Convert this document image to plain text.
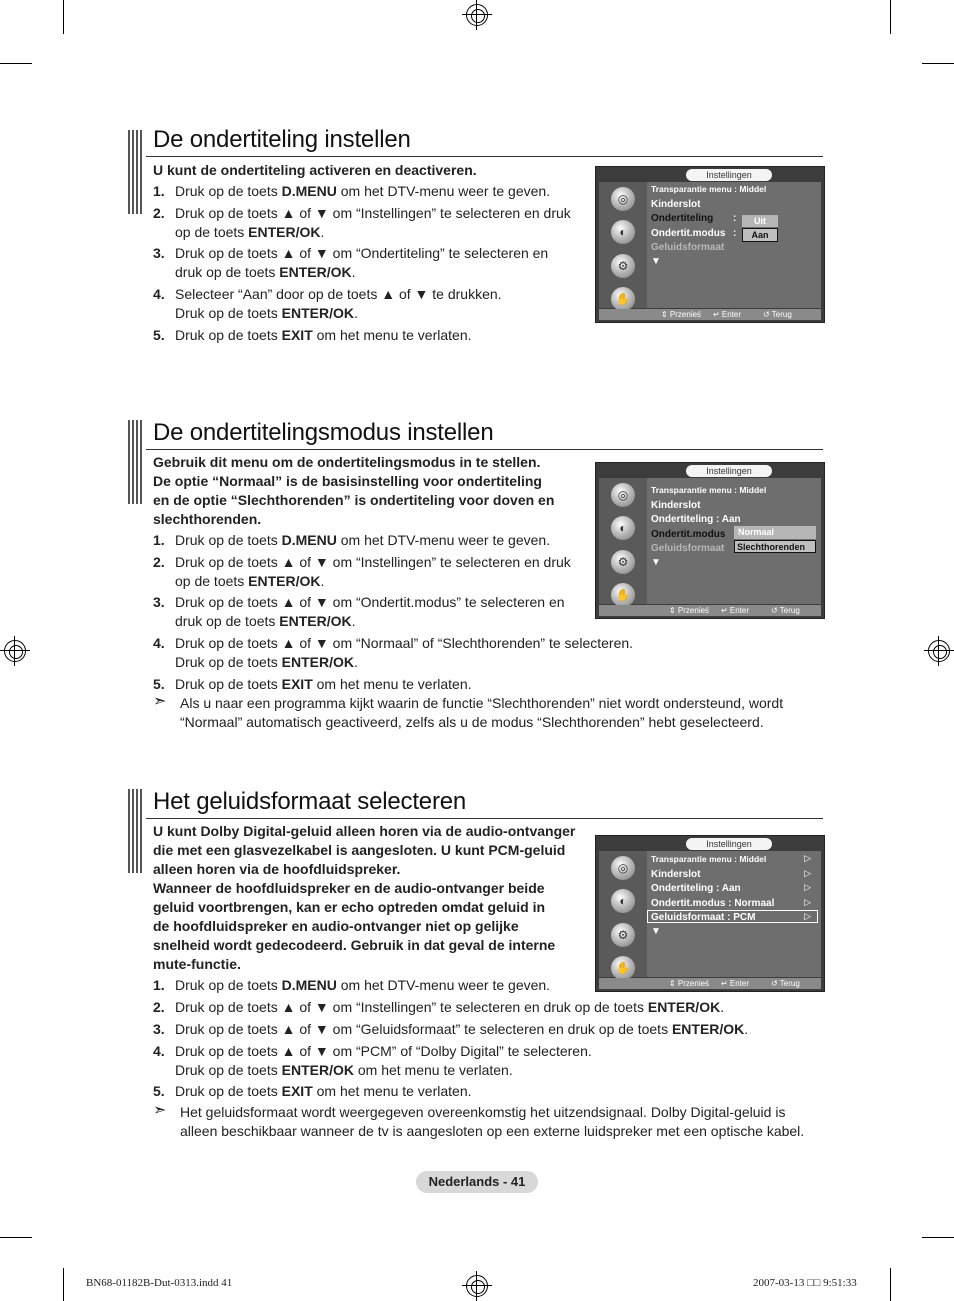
De ondertiteling instellen
U kunt de ondertiteling activeren en deactiveren.
1. Druk op de toets D.MENU om het DTV-menu weer te geven.
2. Druk op de toets ▲ of ▼ om “Instellingen” te selecteren en druk
op de toets ENTER/OK.
3. Druk op de toets ▲ of ▼ om “Ondertiteling” te selecteren en
druk op de toets ENTER/OK.
4. Selecteer “Aan” door op de toets ▲ of ▼ te drukken.
Druk op de toets ENTER/OK.
5. Druk op de toets EXIT om het menu te verlaten.
Instellingen
◎
◐
⚙
✋
Transparantie menu : Middel
Kinderslot
Ondertiteling :
Ondertit.modus :
Geluidsformaat
▼
Uit
Aan
⇕ Przenieś ↵ Enter	↺ Terug
De ondertitelingsmodus instellen
Gebruik dit menu om de ondertitelingsmodus in te stellen.
De optie “Normaal” is de basisinstelling voor ondertiteling
en de optie “Slechthorenden” is ondertiteling voor doven en
slechthorenden.
1. Druk op de toets D.MENU om het DTV-menu weer te geven.
2. Druk op de toets ▲ of ▼ om “Instellingen” te selecteren en druk
op de toets ENTER/OK.
3. Druk op de toets ▲ of ▼ om “Ondertit.modus” te selecteren en
druk op de toets ENTER/OK.
4. Druk op de toets ▲ of ▼ om “Normaal” of “Slechthorenden” te selecteren.
Druk op de toets ENTER/OK.
5. Druk op de toets EXIT om het menu te verlaten.
➣ Als u naar een programma kijkt waarin de functie “Slechthorenden” niet wordt ondersteund, wordt
“Normaal” automatisch geactiveerd, zelfs als u de modus “Slechthorenden” hebt geselecteerd.
Instellingen
◎
◐
⚙
✋
Transparantie menu : Middel
Kinderslot
Ondertiteling : Aan
Ondertit.modus
Geluidsformaat
▼
Normaal
Slechthorenden
⇕ Przenieś ↵ Enter	↺ Terug
Het geluidsformaat selecteren
U kunt Dolby Digital-geluid alleen horen via de audio-ontvanger
die met een glasvezelkabel is aangesloten. U kunt PCM-geluid
alleen horen via de hoofdluidspreker.
Wanneer de hoofdluidspreker en de audio-ontvanger beide
geluid voortbrengen, kan er echo optreden omdat geluid in
de hoofdluidspreker en audio-ontvanger niet op gelijke
snelheid wordt gedecodeerd. Gebruik in dat geval de interne
mute-functie.
1. Druk op de toets D.MENU om het DTV-menu weer te geven.
2. Druk op de toets ▲ of ▼ om “Instellingen” te selecteren en druk op de toets ENTER/OK.
3. Druk op de toets ▲ of ▼ om “Geluidsformaat” te selecteren en druk op de toets ENTER/OK.
4. Druk op de toets ▲ of ▼ om “PCM” of “Dolby Digital” te selecteren.
Druk op de toets ENTER/OK om het menu te verlaten.
5. Druk op de toets EXIT om het menu te verlaten.
➣ Het geluidsformaat wordt weergegeven overeenkomstig het uitzendsignaal. Dolby Digital-geluid is
alleen beschikbaar wanneer de tv is aangesloten op een externe luidspreker met een optische kabel.
Instellingen
◎
◐
⚙
✋
Transparantie menu : Middel
Kinderslot
Ondertiteling : Aan
Ondertit.modus : Normaal
Geluidsformaat : PCM
▼
▷
▷
▷
▷
▷
⇕ Przenieś ↵ Enter	↺ Terug
Nederlands - 41
BN68-01182B-Dut-0313.indd 41	2007-03-13 □□ 9:51:33
